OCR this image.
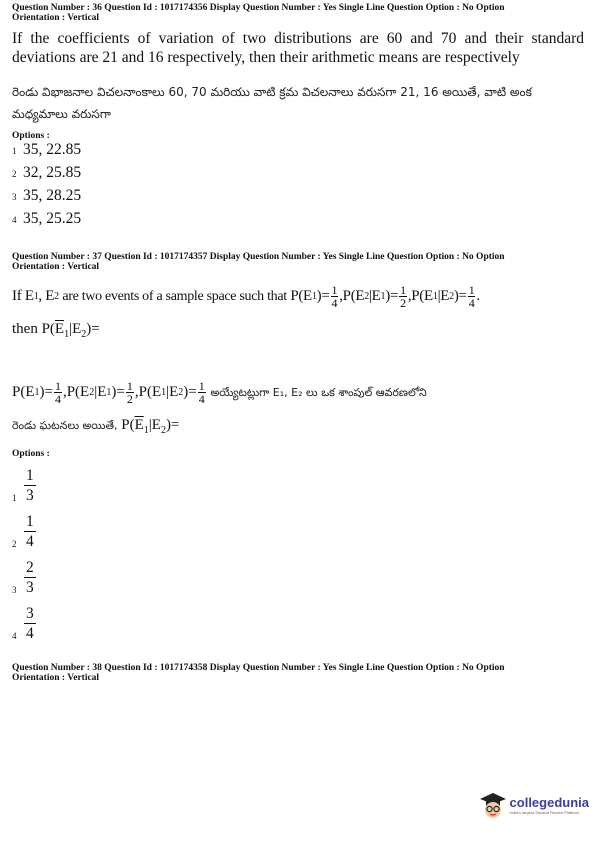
Question Number : 36 Question Id : 1017174356 Display Question Number : Yes Single Line Question Option : No Option

Orientation : Vertical

If the coefficients of variation of two distributions are 60 and 70 and their standard deviations are 21 and 16 respectively, then their arithmetic means are respectively

రెండు విభాజనాల విచలనాంకాలు 60, 70 మరియు వాటి క్రమ విచలనాలు వరుసగా 21, 16 అయితే, వాటి అంక మధ్యమాలు వరుసగా

Options :

1 35, 22.85
2 32, 25.85
3 35, 28.25
4 35, 25.25

Question Number : 37 Question Id : 1017174357 Display Question Number : Yes Single Line Question Option : No Option

Orientation : Vertical

If E 1 , E 2
are two events of a sample space such that P(E 1 )= $\frac{1}{4} ,P(E$ 2 |E 1 )= $\frac{1}{2} ,P(E$ 1 |E 2 )= $\frac{1}{4}$ .
then $P(\overline{E}_1|E_2)=$
P(E 1 )= $\frac{1}{4} ,P(E$ 2 |E 1 )= $\frac{1}{2} ,P(E$ 1 |E 2 )= $\frac{1}{4}$
అయ్యేటట్లుగా E₁, E₂ లు ఒక శాంపుల్ ఆవరణలోని
రెండు ఘటనలు అయితే, $P(\overline{E}_1|E_2)=$

Options :

1
1
3
2
1
4
3
2
3
4
3
4

Question Number : 38 Question Id : 1017174358 Display Question Number : Yes Single Line Question Option : No Option

Orientation : Vertical

collegedunia
India's largest Student Review Platform
